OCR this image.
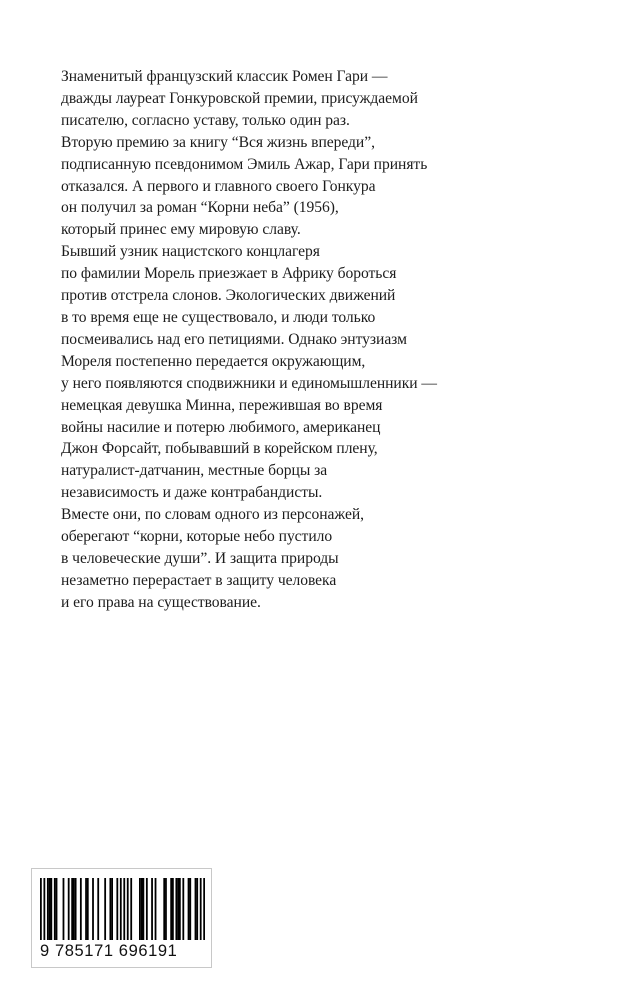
Знаменитый французский классик Ромен Гари —
дважды лауреат Гонкуровской премии, присуждаемой
писателю, согласно уставу, только один раз.
Вторую премию за книгу “Вся жизнь впереди”,
подписанную псевдонимом Эмиль Ажар, Гари принять
отказался. А первого и главного своего Гонкура
он получил за роман “Корни неба” (1956),
который принес ему мировую славу.
Бывший узник нацистского концлагеря
по фамилии Морель приезжает в Африку бороться
против отстрела слонов. Экологических движений
в то время еще не существовало, и люди только
посмеивались над его петициями. Однако энтузиазм
Мореля постепенно передается окружающим,
у него появляются сподвижники и единомышленники —
немецкая девушка Минна, пережившая во время
войны насилие и потерю любимого, американец
Джон Форсайт, побывавший в корейском плену,
натуралист-датчанин, местные борцы за
независимость и даже контрабандисты.
Вместе они, по словам одного из персонажей,
оберегают “корни, которые небо пустило
в человеческие души”. И защита природы
незаметно перерастает в защиту человека
и его права на существование.
9 785171 696191
